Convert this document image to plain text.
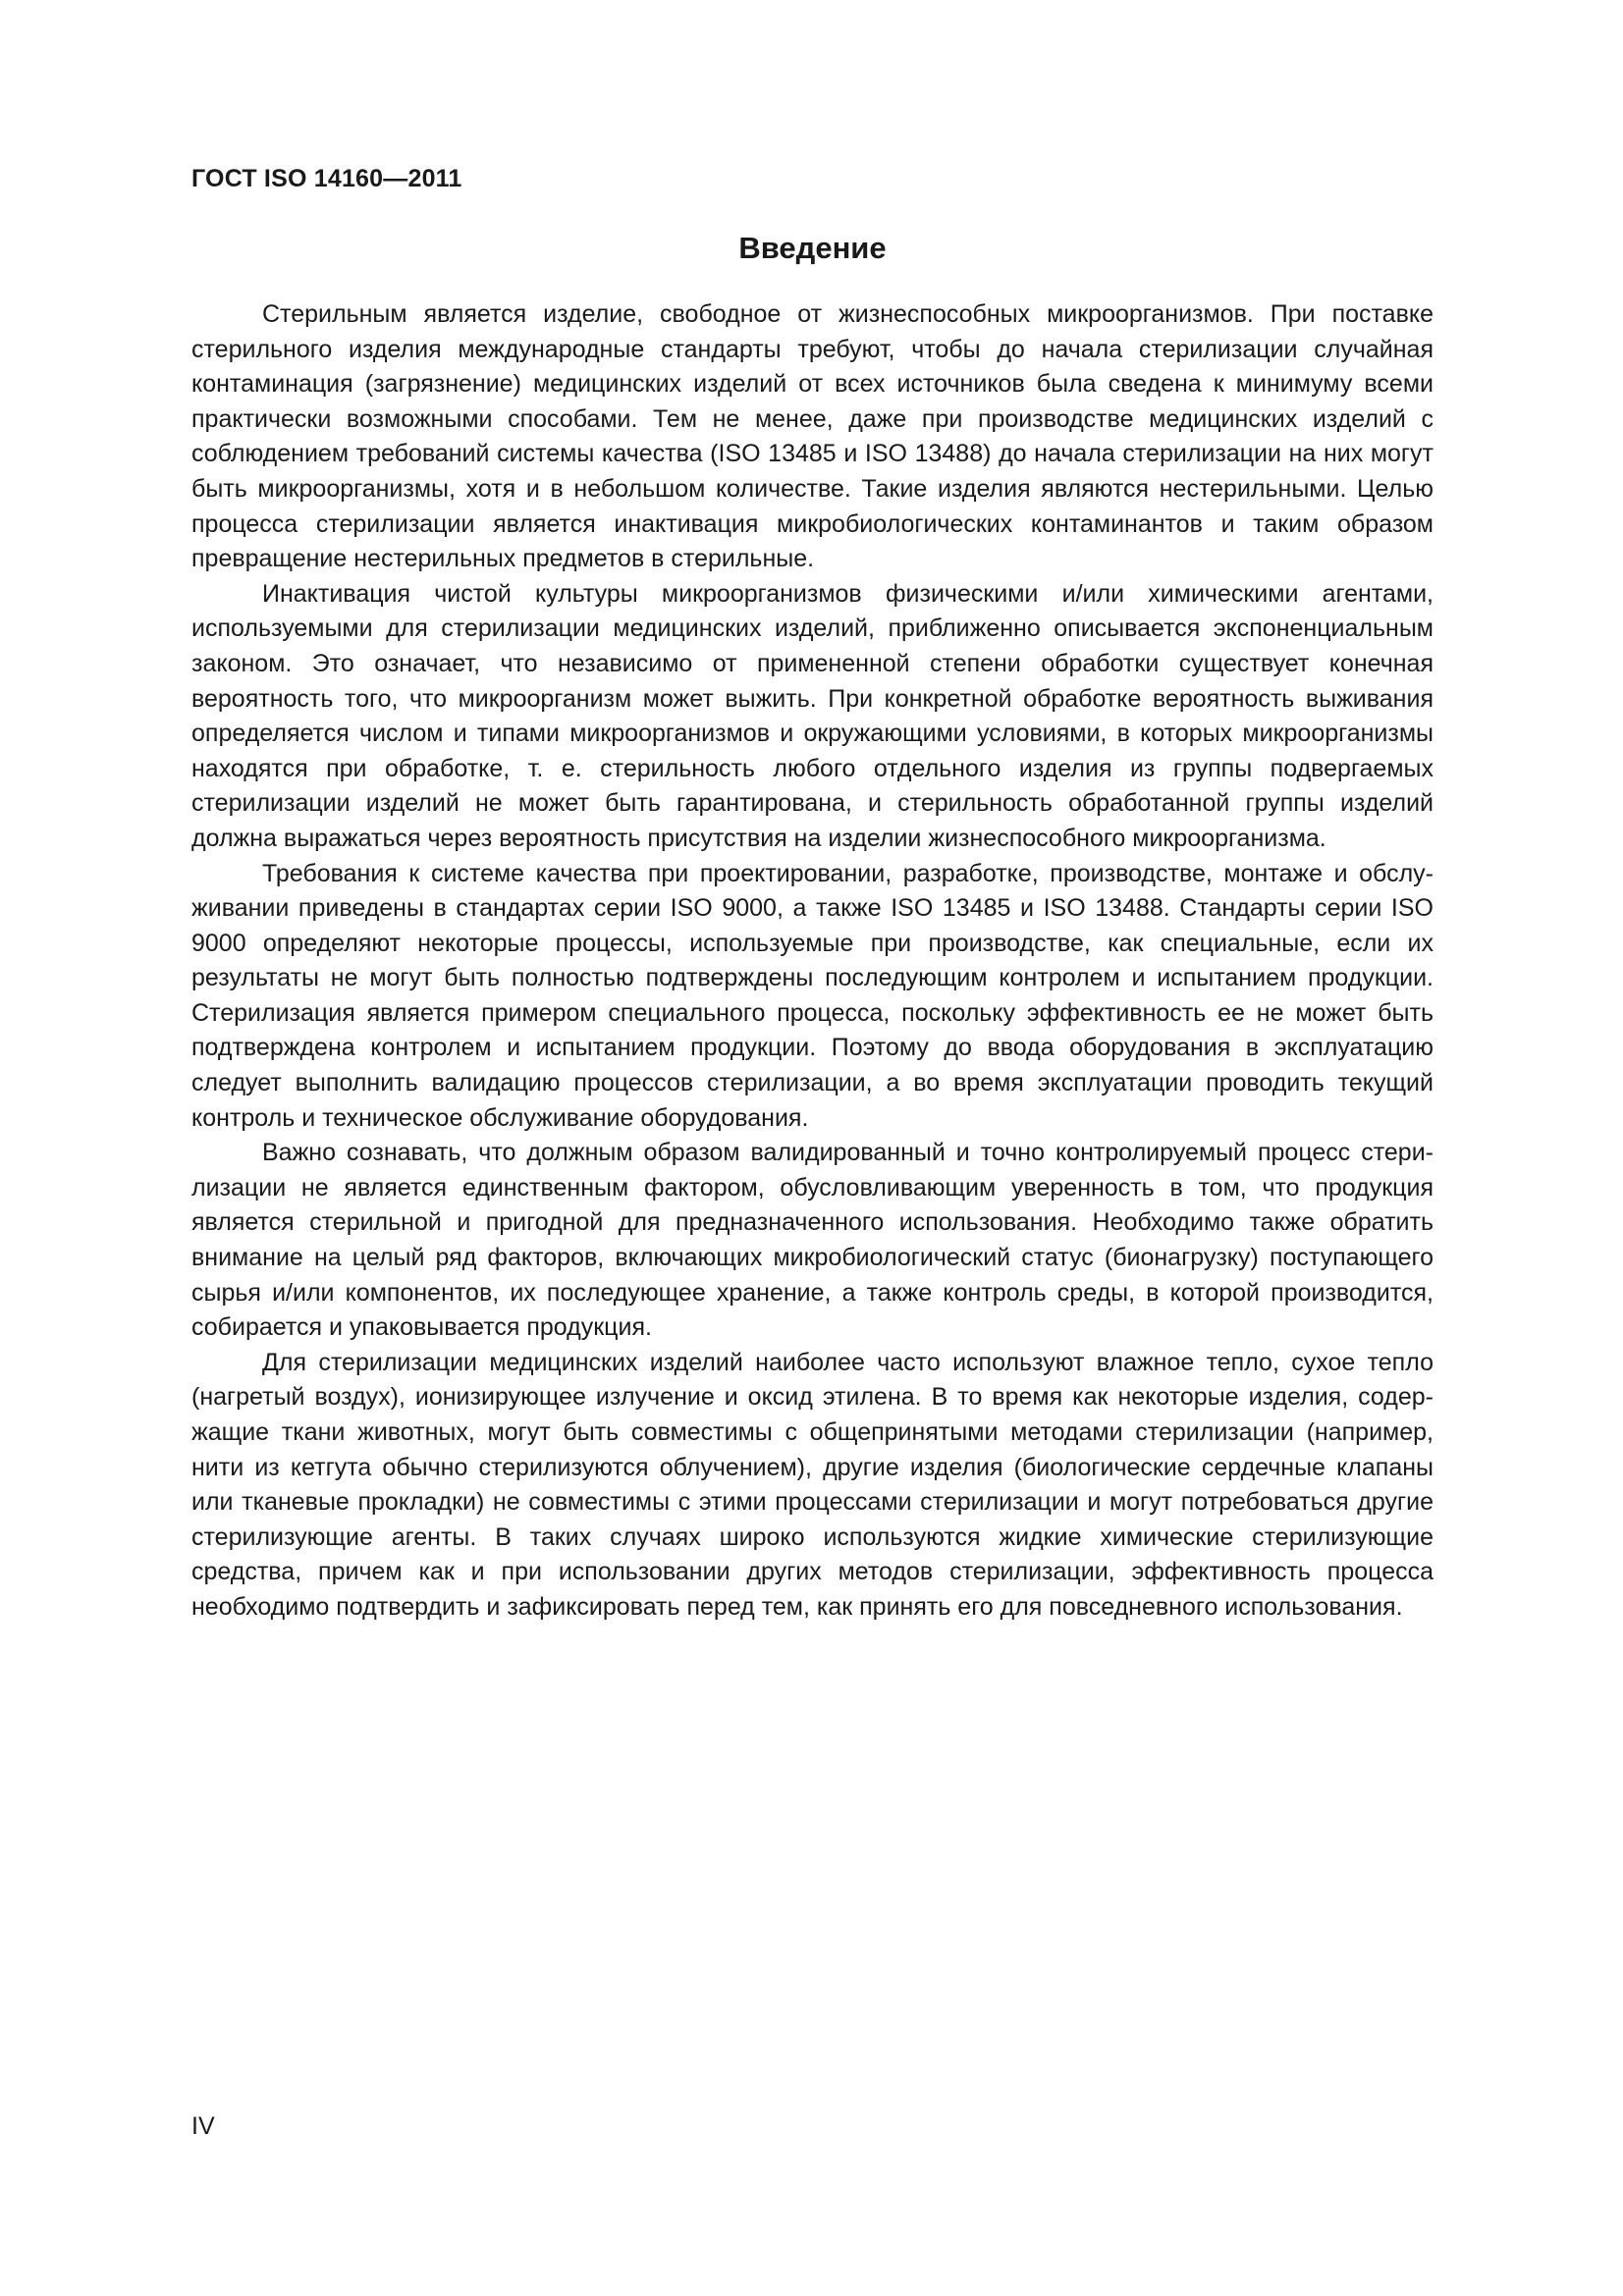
ГОСТ ISO 14160—2011

Введение

Стерильным является изделие, свободное от жизнеспособных микроорганизмов. При поставке стерильного изделия международные стандарты требуют, чтобы до начала стерилизации случайная контаминация (загрязнение) медицинских изделий от всех источников была сведена к минимуму всеми практически возможными способами. Тем не менее, даже при производстве медицинских изделий с соблюдением требований системы качества (ISO 13485 и ISO 13488) до начала стерилизации на них могут быть микроорганизмы, хотя и в небольшом количестве. Такие изделия являются нестерильными. Целью процесса стерилизации является инактивация микробиологических контаминантов и таким образом превращение нестерильных предметов в стерильные.

Инактивация чистой культуры микроорганизмов физическими и/или химическими агентами, используемыми для стерилизации медицинских изделий, приближенно описывается экспоненциальным законом. Это означает, что независимо от примененной степени обработки существует конечная вероятность того, что микроорганизм может выжить. При конкретной обработке вероятность выживания определяется числом и типами микроорганизмов и окружающими условиями, в которых микроорганизмы находятся при обработке, т. е. стерильность любого отдельного изделия из группы подвергаемых стерилизации изделий не может быть гарантирована, и стерильность обработанной группы изделий должна выражаться через вероятность присутствия на изделии жизнеспособного микроорганизма.

Требования к системе качества при проектировании, разработке, производстве, монтаже и обслуживании приведены в стандартах серии ISO 9000, а также ISO 13485 и ISO 13488. Стандарты серии ISO 9000 определяют некоторые процессы, используемые при производстве, как специальные, если их результаты не могут быть полностью подтверждены последующим контролем и испытанием продукции. Стерилизация является примером специального процесса, поскольку эффективность ее не может быть подтверждена контролем и испытанием продукции. Поэтому до ввода оборудования в эксплуатацию следует выполнить валидацию процессов стерилизации, а во время эксплуатации проводить текущий контроль и техническое обслуживание оборудования.

Важно сознавать, что должным образом валидированный и точно контролируемый процесс стерилизации не является единственным фактором, обусловливающим уверенность в том, что продукция является стерильной и пригодной для предназначенного использования. Необходимо также обратить внимание на целый ряд факторов, включающих микробиологический статус (бионагрузку) поступающего сырья и/или компонентов, их последующее хранение, а также контроль среды, в которой производится, собирается и упаковывается продукция.

Для стерилизации медицинских изделий наиболее часто используют влажное тепло, сухое тепло (нагретый воздух), ионизирующее излучение и оксид этилена. В то время как некоторые изделия, содержащие ткани животных, могут быть совместимы с общепринятыми методами стерилизации (например, нити из кетгута обычно стерилизуются облучением), другие изделия (биологические сердечные клапаны или тканевые прокладки) не совместимы с этими процессами стерилизации и могут потребоваться другие стерилизующие агенты. В таких случаях широко используются жидкие химические стерилизующие средства, причем как и при использовании других методов стерилизации, эффективность процесса необходимо подтвердить и зафиксировать перед тем, как принять его для повседневного использования.

IV
